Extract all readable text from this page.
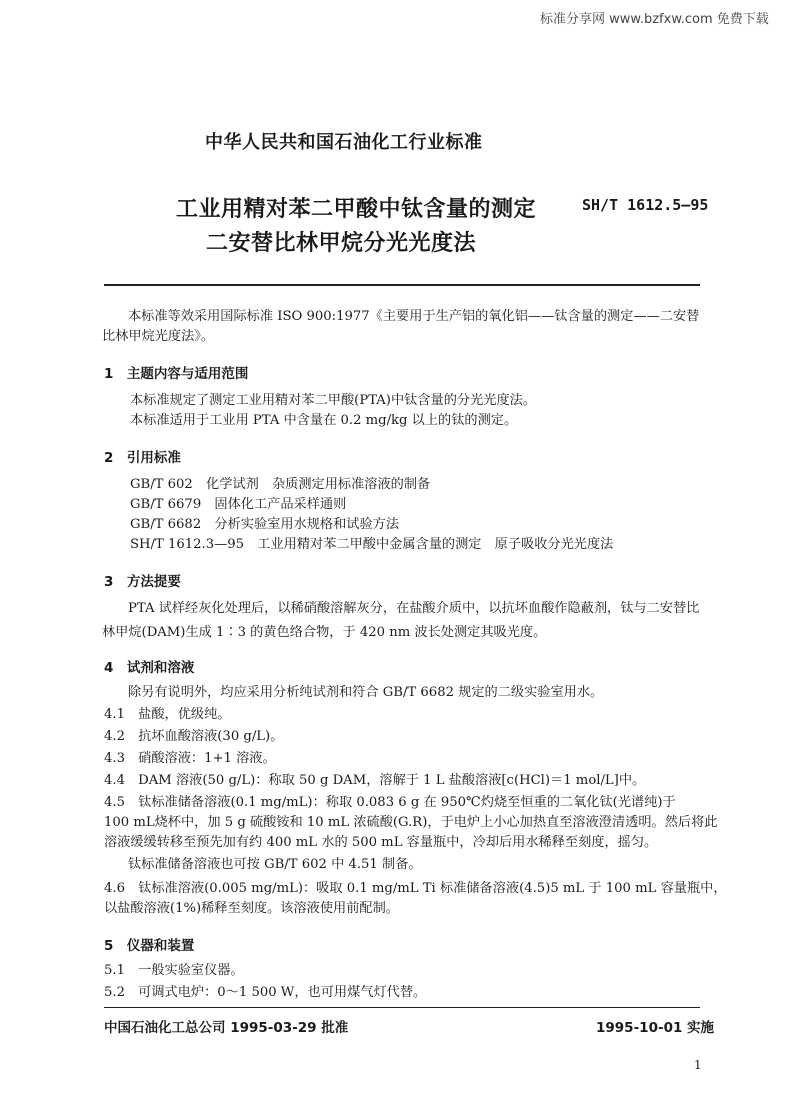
标准分享网 www.bzfxw.com 免费下载
中华人民共和国石油化工行业标准
工业用精对苯二甲酸中钛含量的测定
二安替比林甲烷分光光度法
SH/T 1612.5—95
本标准等效采用国际标准 ISO 900:1977《主要用于生产铝的氧化铝——钛含量的测定——二安替
比林甲烷光度法》。
1　主题内容与适用范围
本标准规定了测定工业用精对苯二甲酸(PTA)中钛含量的分光光度法。
本标准适用于工业用 PTA 中含量在 0.2 mg/kg 以上的钛的测定。
2　引用标准
GB/T 602　化学试剂　杂质测定用标准溶液的制备
GB/T 6679　固体化工产品采样通则
GB/T 6682　分析实验室用水规格和试验方法
SH/T 1612.3—95　工业用精对苯二甲酸中金属含量的测定　原子吸收分光光度法
3　方法提要
PTA 试样经灰化处理后，以稀硝酸溶解灰分，在盐酸介质中，以抗坏血酸作隐蔽剂，钛与二安替比
林甲烷(DAM)生成 1∶3 的黄色络合物，于 420 nm 波长处测定其吸光度。
4　试剂和溶液
除另有说明外，均应采用分析纯试剂和符合 GB/T 6682 规定的二级实验室用水。
4.1　盐酸，优级纯。
4.2　抗坏血酸溶液(30 g/L)。
4.3　硝酸溶液：1+1 溶液。
4.4　DAM 溶液(50 g/L)：称取 50 g DAM，溶解于 1 L 盐酸溶液[c(HCl)＝1 mol/L]中。
4.5　钛标准储备溶液(0.1 mg/mL)：称取 0.083 6 g 在 950℃灼烧至恒重的二氧化钛(光谱纯)于
100 mL烧杯中，加 5 g 硫酸铵和 10 mL 浓硫酸(G.R)，于电炉上小心加热直至溶液澄清透明。然后将此
溶液缓缓转移至预先加有约 400 mL 水的 500 mL 容量瓶中，冷却后用水稀释至刻度，摇匀。
钛标准储备溶液也可按 GB/T 602 中 4.51 制备。
4.6　钛标准溶液(0.005 mg/mL)：吸取 0.1 mg/mL Ti 标准储备溶液(4.5)5 mL 于 100 mL 容量瓶中，
以盐酸溶液(1%)稀释至刻度。该溶液使用前配制。
5　仪器和装置
5.1　一般实验室仪器。
5.2　可调式电炉：0～1 500 W，也可用煤气灯代替。
中国石油化工总公司 1995-03-29 批准	1995-10-01 实施
1
